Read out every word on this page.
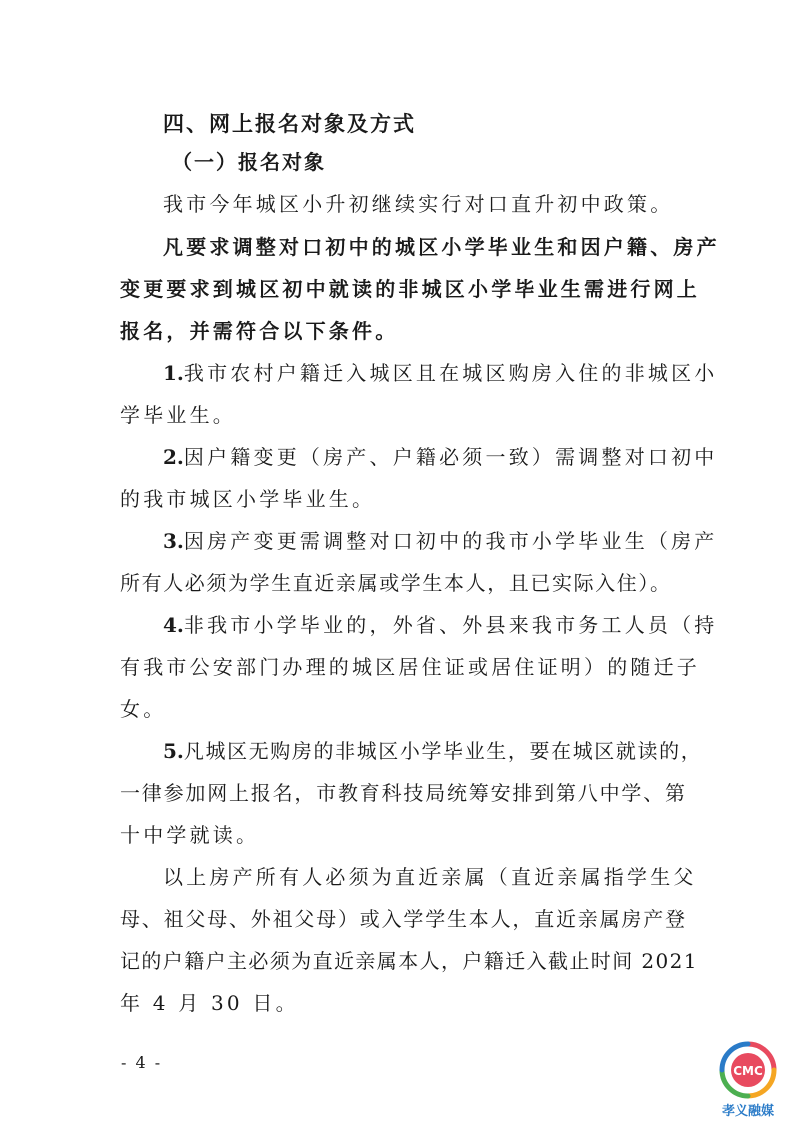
四、网上报名对象及方式
（一）报名对象
我市今年城区小升初继续实行对口直升初中政策。
凡要求调整对口初中的城区小学毕业生和因户籍、房产
变更要求到城区初中就读的非城区小学毕业生需进行网上
报名，并需符合以下条件。
1.我市农村户籍迁入城区且在城区购房入住的非城区小
学毕业生。
2.因户籍变更（房产、户籍必须一致）需调整对口初中
的我市城区小学毕业生。
3.因房产变更需调整对口初中的我市小学毕业生（房产
所有人必须为学生直近亲属或学生本人，且已实际入住）。
4.非我市小学毕业的，外省、外县来我市务工人员（持
有我市公安部门办理的城区居住证或居住证明）的随迁子
女。
5.凡城区无购房的非城区小学毕业生，要在城区就读的，
一律参加网上报名，市教育科技局统筹安排到第八中学、第
十中学就读。
以上房产所有人必须为直近亲属（直近亲属指学生父
母、祖父母、外祖父母）或入学学生本人，直近亲属房产登
记的户籍户主必须为直近亲属本人，户籍迁入截止时间 2021
年 4 月 30 日。
- 4 -	CMC
孝义融媒
